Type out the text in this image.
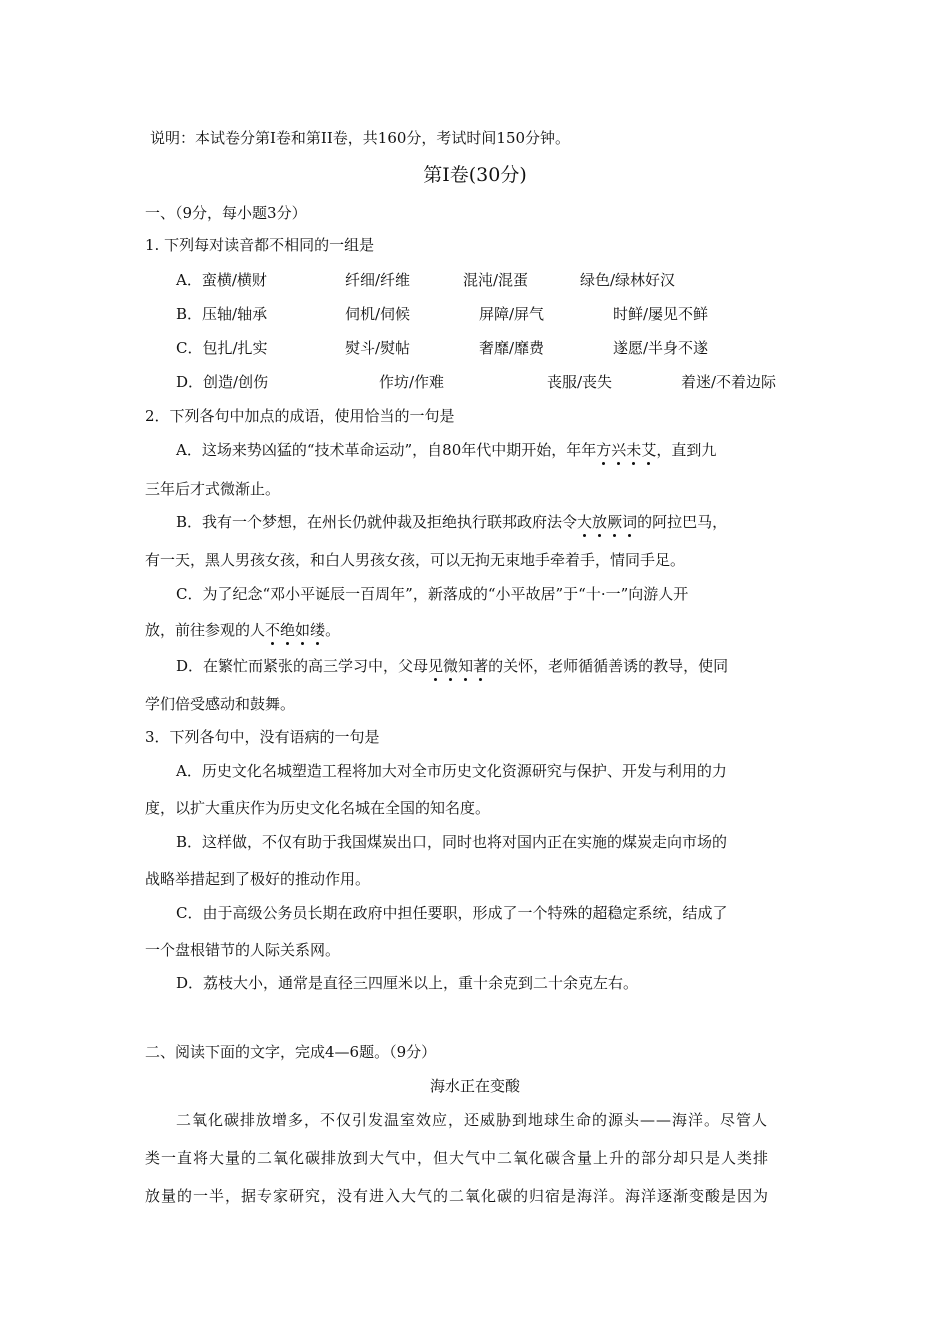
说明：本试卷分第I卷和第II卷，共160分，考试时间150分钟。
第Ⅰ卷(30分)
一、（9分，每小题3分）
1. 下列每对读音都不相同的一组是
A．蛮横/横财	纤细/纤维	混沌/混蛋	绿色/绿林好汉
B．压轴/轴承	伺机/伺候	屏障/屏气	时鲜/屡见不鲜
C．包扎/扎实	熨斗/熨帖	奢靡/靡费	遂愿/半身不遂
D．创造/创伤	作坊/作难	丧服/丧失	着迷/不着边际
2．下列各句中加点的成语，使用恰当的一句是
A．这场来势凶猛的“技术革命运动”，自80年代中期开始，年年方兴未艾，直到九
三年后才式微渐止。
B．我有一个梦想，在州长仍就仲裁及拒绝执行联邦政府法令大放厥词的阿拉巴马，
有一天，黑人男孩女孩，和白人男孩女孩，可以无拘无束地手牵着手，情同手足。
C．为了纪念“邓小平诞辰一百周年”，新落成的“小平故居”于“十·一”向游人开
放，前往参观的人不绝如缕。
D．在繁忙而紧张的高三学习中，父母见微知著的关怀，老师循循善诱的教导，使同
学们倍受感动和鼓舞。
3．下列各句中，没有语病的一句是
A．历史文化名城塑造工程将加大对全市历史文化资源研究与保护、开发与利用的力
度，以扩大重庆作为历史文化名城在全国的知名度。
B．这样做，不仅有助于我国煤炭出口，同时也将对国内正在实施的煤炭走向市场的
战略举措起到了极好的推动作用。
C．由于高级公务员长期在政府中担任要职，形成了一个特殊的超稳定系统，结成了
一个盘根错节的人际关系网。
D．荔枝大小，通常是直径三四厘米以上，重十余克到二十余克左右。
二、阅读下面的文字，完成4—6题。（9分）
海水正在变酸
二氧化碳排放增多，不仅引发温室效应，还威胁到地球生命的源头——海洋。尽管人
类一直将大量的二氧化碳排放到大气中，但大气中二氧化碳含量上升的部分却只是人类排
放量的一半，据专家研究，没有进入大气的二氧化碳的归宿是海洋。海洋逐渐变酸是因为
